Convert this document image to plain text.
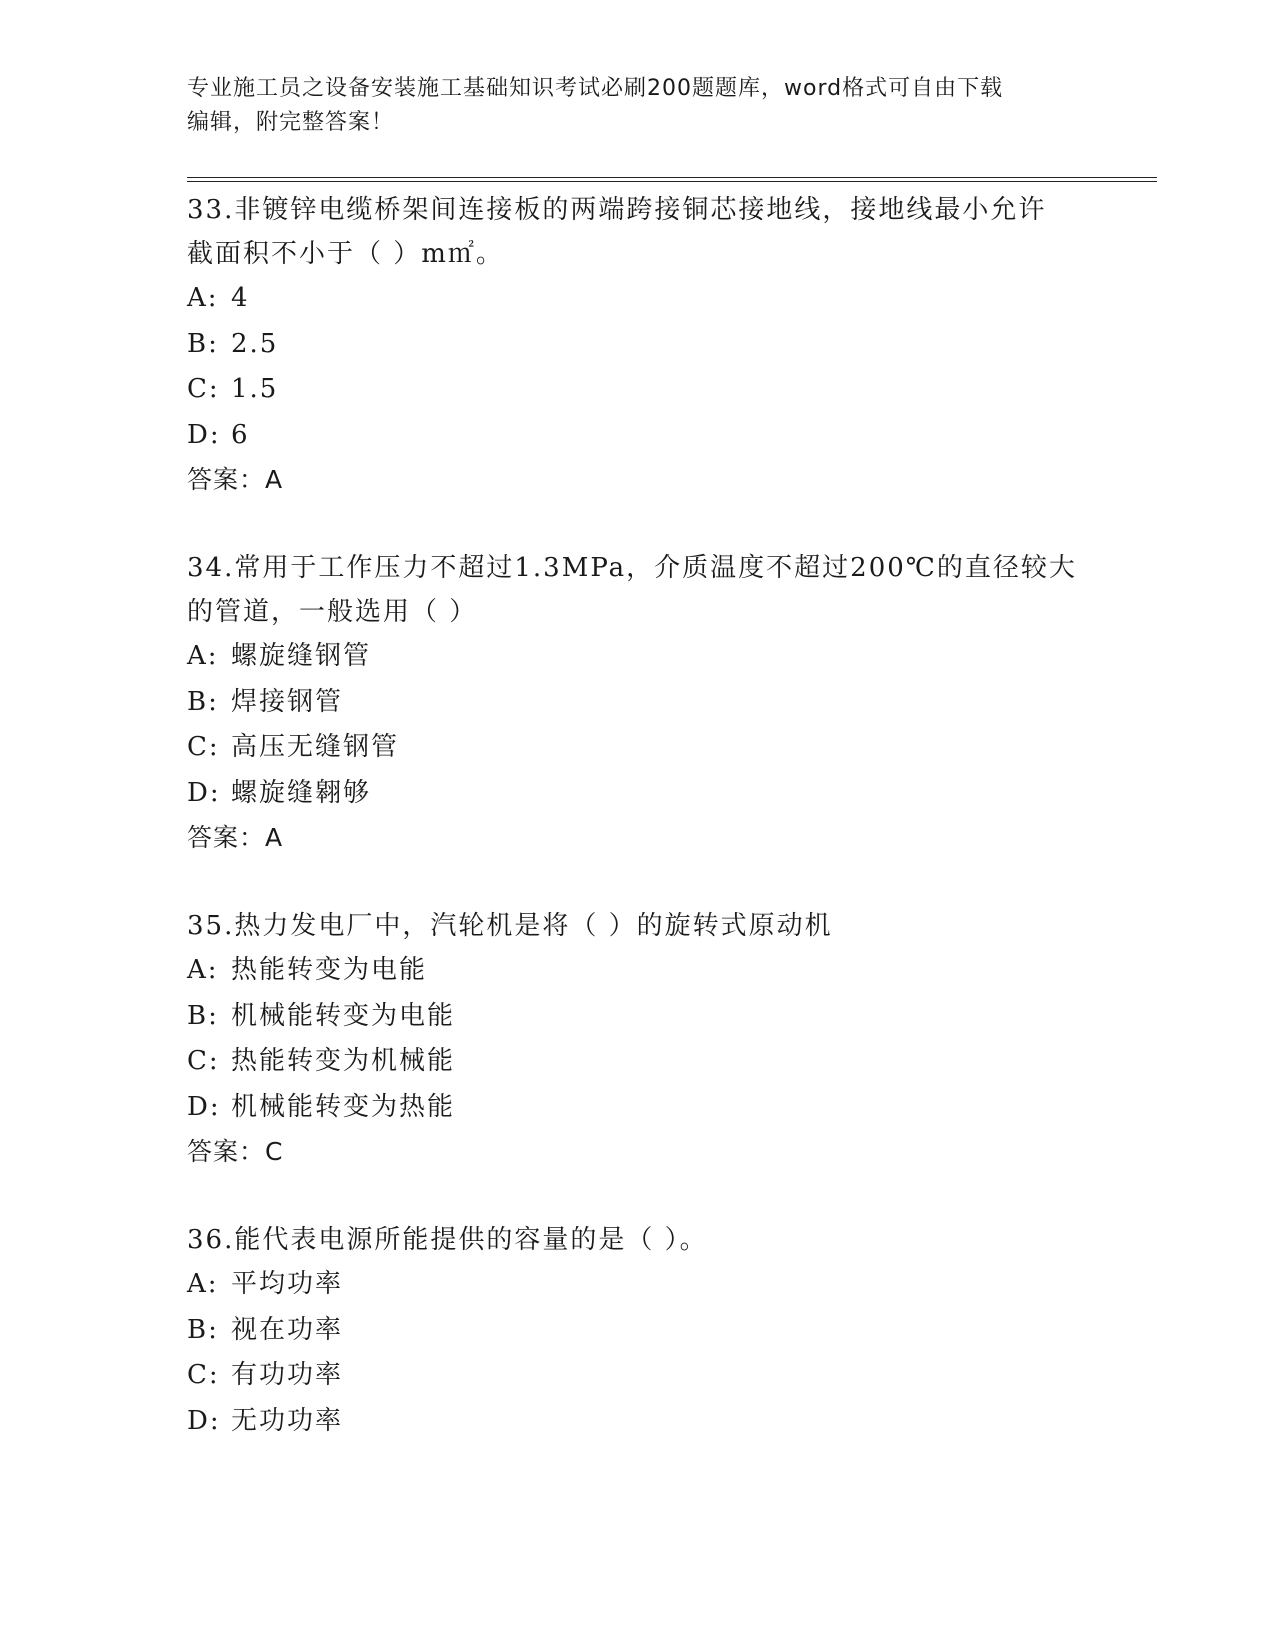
专业施工员之设备安装施工基础知识考试必刷200题题库，word格式可自由下载
编辑，附完整答案！

33.非镀锌电缆桥架间连接板的两端跨接铜芯接地线，接地线最小允许

截面积不小于（ ）m㎡。

A: 4

B: 2.5

C: 1.5

D: 6

答案：A

34.常用于工作压力不超过1.3MPa，介质温度不超过200℃的直径较大

的管道，一般选用（ ）

A: 螺旋缝钢管

B: 焊接钢管

C: 高压无缝钢管

D: 螺旋缝翱够

答案：A

35.热力发电厂中，汽轮机是将（ ）的旋转式原动机

A: 热能转变为电能

B: 机械能转变为电能

C: 热能转变为机械能

D: 机械能转变为热能

答案：C

36.能代表电源所能提供的容量的是（ ）。

A: 平均功率

B: 视在功率

C: 有功功率

D: 无功功率
